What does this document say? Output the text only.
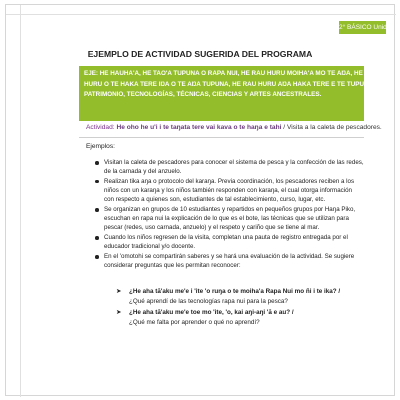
2° BÁSICO Unidad 4
EJEMPLO DE ACTIVIDAD SUGERIDA DEL PROGRAMA
EJE: HE HAUHA'A, HE TAO'A TUPUNA O RAPA NUI, HE RAU HURU MOIHA'A MO TE AŊA, HE
HURU O TE HAKA TERE IŊA O TE AŊA TUPUNA, HE RAU HURU AŊA HAKA TERE E TE TUPUNA/
PATRIMONIO, TECNOLOGÍAS, TÉCNICAS, CIENCIAS Y ARTES ANCESTRALES.
Actividad: He oho he u'i i te taŋata tere vai kava o te haŋa e tahi / Visita a la caleta de pescadores.
Ejemplos:
Visitan la caleta de pescadores para conocer el sistema de pesca y la confección de las redes,
de la carnada y del anzuelo.
Realizan tika aŋa o protocolo del karaŋa. Previa coordinación, los pescadores reciben a los
niños con un karaŋa y los niños también responden con karaŋa, el cual otorga información
con respecto a quienes son, estudiantes de tal establecimiento, curso, lugar, etc.
Se organizan en grupos de 10 estudiantes y repartidos en pequeños grupos por Haŋa Piko,
escuchan en rapa nui la explicación de lo que es el bote, las técnicas que se utilizan para
pescar (redes, uso carnada, anzuelo) y el respeto y cariño que se tiene al mar.
Cuando los niños regresen de la visita, completan una pauta de registro entregada por el
educador tradicional y/o docente.
En el 'omotohi se compartirán saberes y se hará una evaluación de la actividad. Se sugiere
considerar preguntas que les permitan reconocer:
➤ ¿He aha tā'aku me'e i 'ite 'o ruŋa o te moiha'a Rapa Nui mo ñi i te ika? /
¿Qué aprendí de las tecnologías rapa nui para la pesca?
➤ ¿He aha tā'aku me'e toe mo 'ite, 'o, kai aŋi-aŋi 'ā e au? /
¿Qué me falta por aprender o qué no aprendí?
